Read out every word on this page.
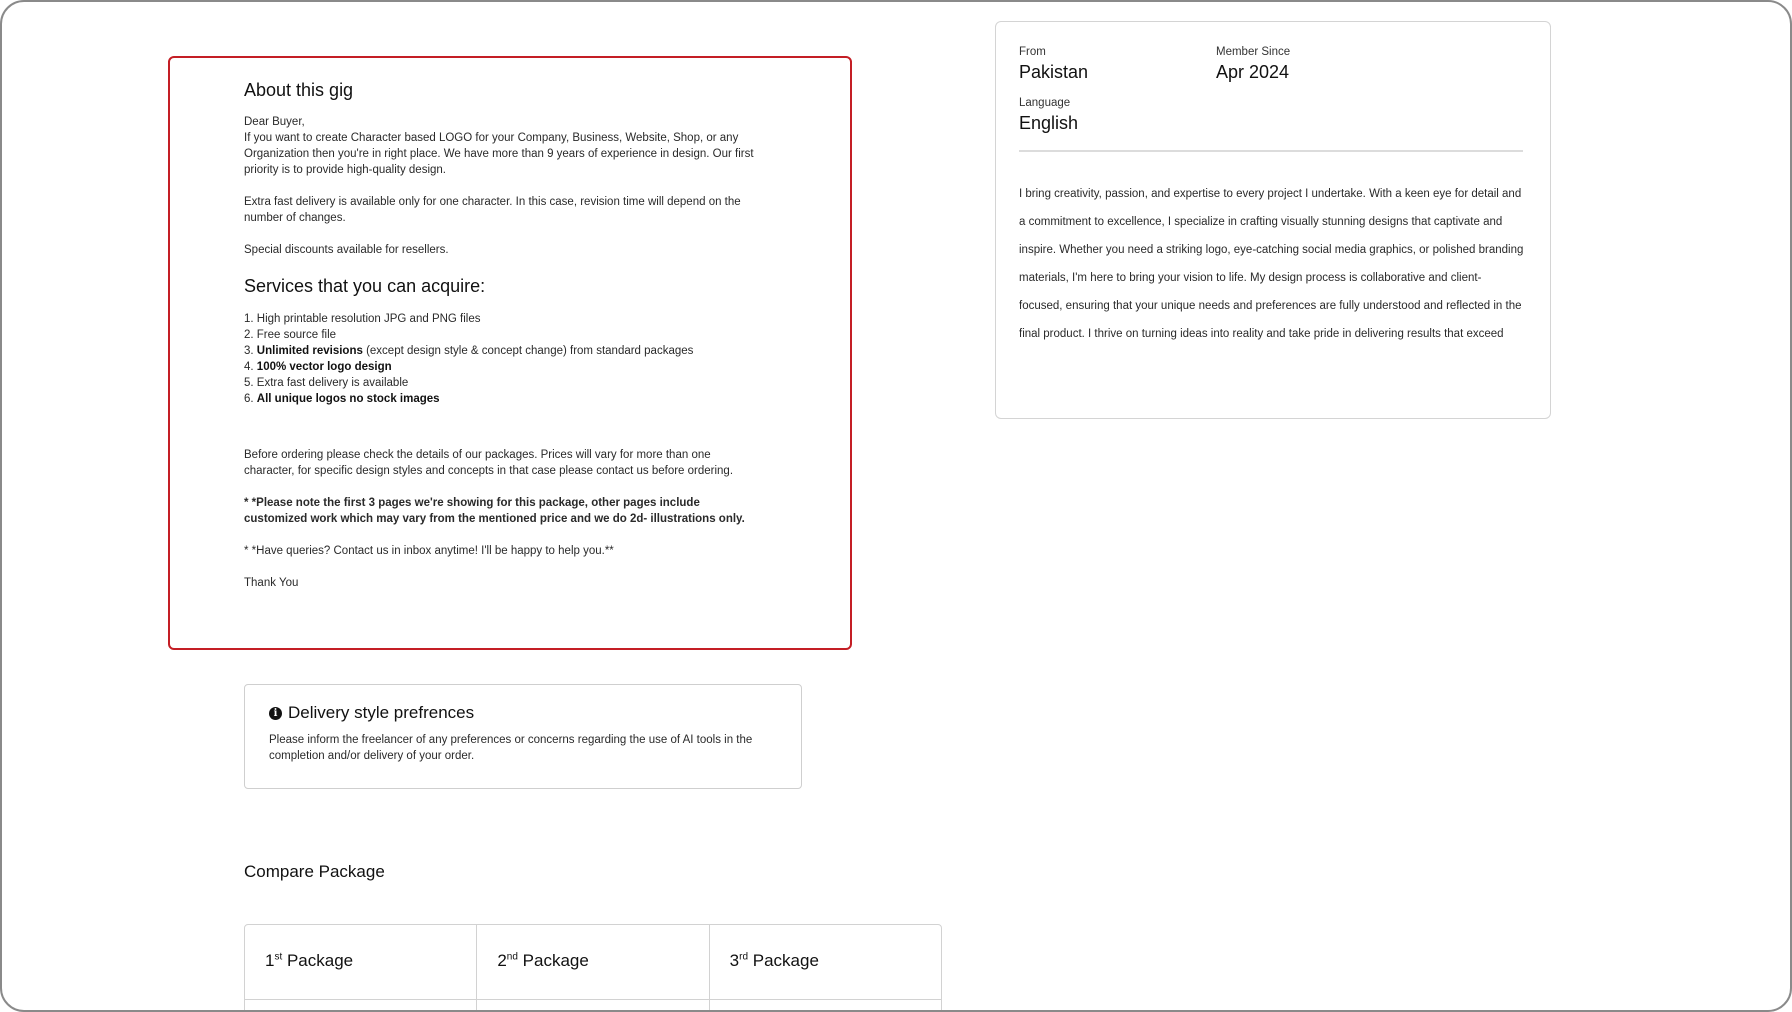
About this gig

Dear Buyer,

If you want to create Character based LOGO for your Company, Business, Website, Shop, or any Organization then you're in right place. We have more than 9 years of experience in design. Our first priority is to provide high-quality design.

Extra fast delivery is available only for one character. In this case, revision time will depend on the number of changes.

Special discounts available for resellers.

Services that you can acquire:
1. High printable resolution JPG and PNG files
2. Free source file
3. Unlimited revisions (except design style & concept change) from standard packages
4. 100% vector logo design
5. Extra fast delivery is available
6. All unique logos no stock images

Before ordering please check the details of our packages. Prices will vary for more than one character, for specific design styles and concepts in that case please contact us before ordering.

* *Please note the first 3 pages we're showing for this package, other pages include customized work which may vary from the mentioned price and we do 2d- illustrations only.

* *Have queries? Contact us in inbox anytime! I'll be happy to help you.**

Thank You

i Delivery style prefrences

Please inform the freelancer of any preferences or concerns regarding the use of AI tools in the completion and/or delivery of your order.

Compare Package
1st Package	2nd Package	3rd Package
From
Pakistan
Member Since
Apr 2024
Language
English

I bring creativity, passion, and expertise to every project I undertake. With a keen eye for detail and a commitment to excellence, I specialize in crafting visually stunning designs that captivate and inspire. Whether you need a striking logo, eye-catching social media graphics, or polished branding materials, I'm here to bring your vision to life. My design process is collaborative and client-focused, ensuring that your unique needs and preferences are fully understood and reflected in the final product. I thrive on turning ideas into reality and take pride in delivering results that exceed
